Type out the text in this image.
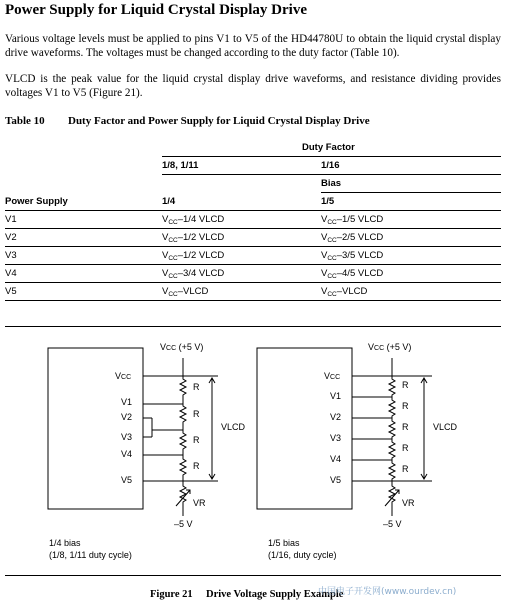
Power Supply for Liquid Crystal Display Drive
Various voltage levels must be applied to pins V1 to V5 of the HD44780U to obtain the liquid crystal display drive waveforms. The voltages must be changed according to the duty factor (Table 10).
VLCD is the peak value for the liquid crystal display drive waveforms, and resistance dividing provides voltages V1 to V5 (Figure 21).
Table 10 Duty Factor and Power Supply for Liquid Crystal Display Drive
	Duty Factor	
	1/8, 1/11	1/16
		Bias
Power Supply	1/4	1/5
V1	$V_{CC}-1/4$ VLCD	$V_{CC}-1/5$ VLCD
V2	$V_{CC}-1/2$ VLCD	$V_{CC}-2/5$ VLCD
V3	$V_{CC}-1/2$ VLCD	$V_{CC}-3/5$ VLCD
V4	$V_{CC}-3/4$ VLCD	$V_{CC}-4/5$ VLCD
V5	$V_{CC}$–VLCD	$V_{CC}$–VLCD
VCC (+5 V)
VCC
V1
V2
V3
V4
V5
R
R
R
R
VR
VLCD
–5 V
1/4 bias
(1/8, 1/11 duty cycle)
VCC (+5 V)
VCC
V1
V2
V3
V4
V5
R
R
R
R
R
VR
VLCD
–5 V
1/5 bias
(1/16, duty cycle)
Figure 21 Drive Voltage Supply Example
中国电子开发网(www.ourdev.cn)
